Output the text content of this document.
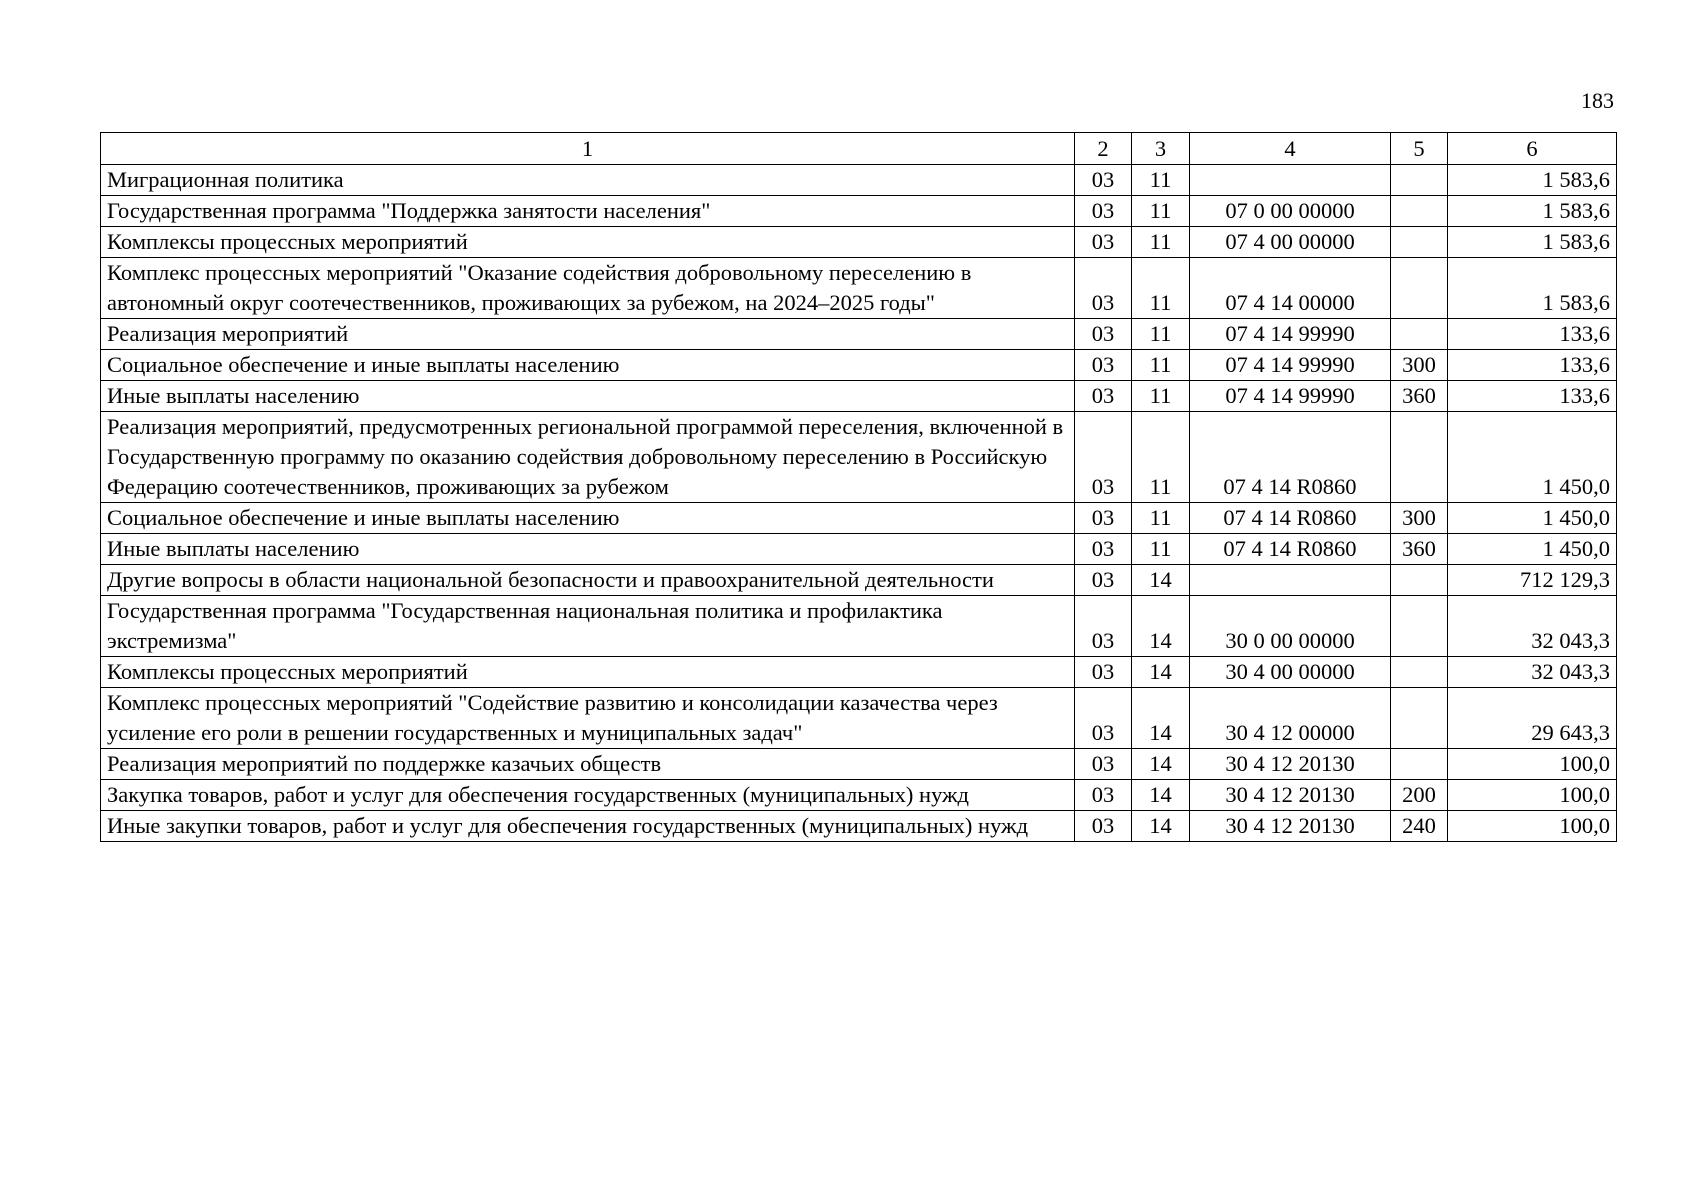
183
1	2	3	4	5	6
Миграционная политика	03	11			1 583,6
Государственная программа "Поддержка занятости населения"	03	11	07 0 00 00000		1 583,6
Комплексы процессных мероприятий	03	11	07 4 00 00000		1 583,6
Комплекс процессных мероприятий "Оказание содействия добровольному переселению в автономный округ соотечественников, проживающих за рубежом, на 2024–2025 годы"	03	11	07 4 14 00000		1 583,6
Реализация мероприятий	03	11	07 4 14 99990		133,6
Социальное обеспечение и иные выплаты населению	03	11	07 4 14 99990	300	133,6
Иные выплаты населению	03	11	07 4 14 99990	360	133,6
Реализация мероприятий, предусмотренных региональной программой переселения, включенной в Государственную программу по оказанию содействия добровольному переселению в Российскую Федерацию соотечественников, проживающих за рубежом	03	11	07 4 14 R0860		1 450,0
Социальное обеспечение и иные выплаты населению	03	11	07 4 14 R0860	300	1 450,0
Иные выплаты населению	03	11	07 4 14 R0860	360	1 450,0
Другие вопросы в области национальной безопасности и правоохранительной деятельности	03	14			712 129,3
Государственная программа "Государственная национальная политика и профилактика экстремизма"	03	14	30 0 00 00000		32 043,3
Комплексы процессных мероприятий	03	14	30 4 00 00000		32 043,3
Комплекс процессных мероприятий "Содействие развитию и консолидации казачества через усиление его роли в решении государственных и муниципальных задач"	03	14	30 4 12 00000		29 643,3
Реализация мероприятий по поддержке казачьих обществ	03	14	30 4 12 20130		100,0
Закупка товаров, работ и услуг для обеспечения государственных (муниципальных) нужд	03	14	30 4 12 20130	200	100,0
Иные закупки товаров, работ и услуг для обеспечения государственных (муниципальных) нужд	03	14	30 4 12 20130	240	100,0
